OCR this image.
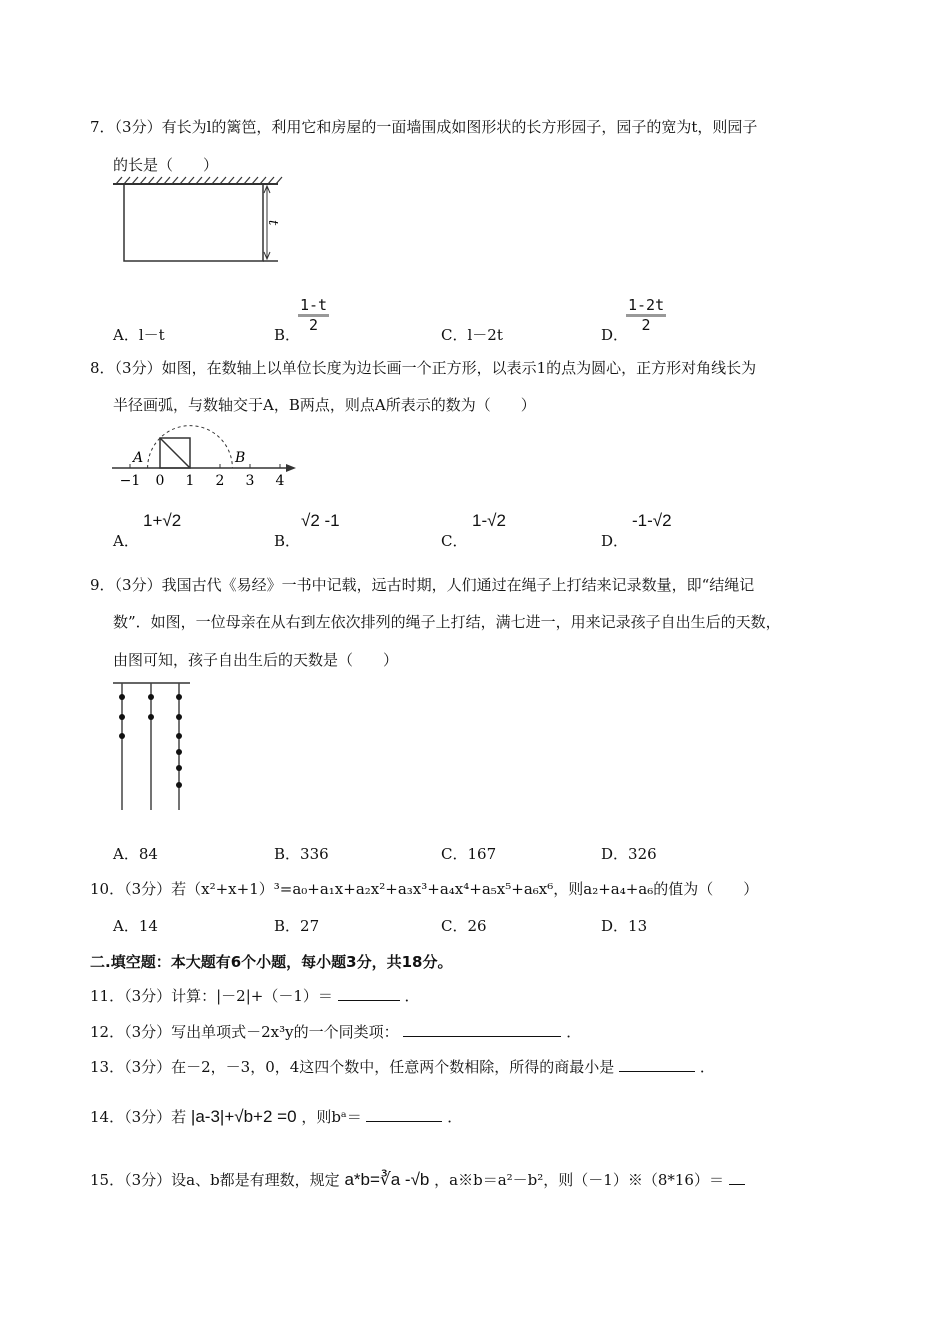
7．（3分）有长为l的篱笆，利用它和房屋的一面墙围成如图形状的长方形园子，园子的宽为t，则园子
的长是（　　）
t
A．l－t	B．
$\frac{1-t}{2}$
C．l－2t	D．
$\frac{1-2t}{2}$
8．（3分）如图，在数轴上以单位长度为边长画一个正方形，以表示1的点为圆心，正方形对角线长为
半径画弧，与数轴交于A，B两点，则点A所表示的数为（　　）
−1 0 1 2 3 4
A	B
A．
1+√2
B．
√2 -1
C．
1-√2
D．
-1-√2
9．（3分）我国古代《易经》一书中记载，远古时期，人们通过在绳子上打结来记录数量，即“结绳记
数”．如图，一位母亲在从右到左依次排列的绳子上打结，满七进一，用来记录孩子自出生后的天数，
由图可知，孩子自出生后的天数是（　　）
A．84	B．336	C．167	D．326
10．（3分）若（x²+x+1）³=a₀+a₁x+a₂x²+a₃x³+a₄x⁴+a₅x⁵+a₆x⁶，则a₂+a₄+a₆的值为（　　）
A．14	B．27	C．26	D．13
二.填空题：本大题有6个小题，每小题3分，共18分。
11．（3分）计算：|－2|+（－1）＝	．
12．（3分）写出单项式－2x³y的一个同类项：	．
13．（3分）在－2，－3，0，4这四个数中，任意两个数相除，所得的商最小是	．
14．（3分）若 |a-3|+√b+2 =0 ，则bᵃ＝	．
15．（3分）设a、b都是有理数，规定 a*b=∛a -√b ，a※b＝a²－b²，则（－1）※（8*16）＝
